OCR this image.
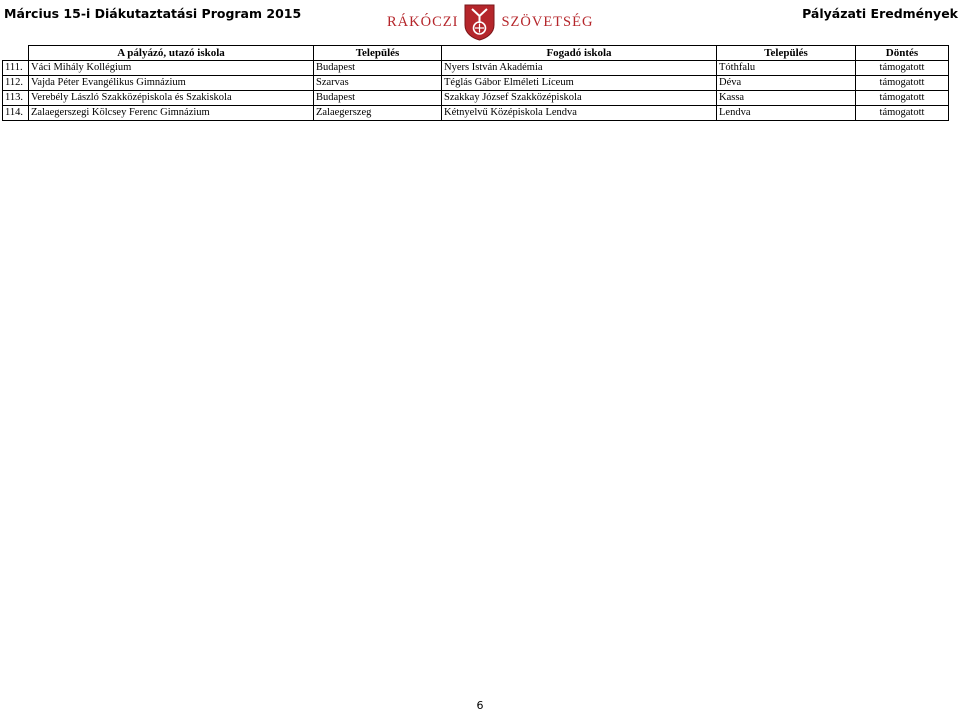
Március 15-i Diákutaztatási Program 2015	RÁKÓCZI	SZÖVETSÉG	Pályázati Eredmények
	A pályázó, utazó iskola	Település	Fogadó iskola	Település	Döntés
111.	Váci Mihály Kollégium	Budapest	Nyers István Akadémia	Tóthfalu	támogatott
112.	Vajda Péter Evangélikus Gimnázium	Szarvas	Téglás Gábor Elméleti Líceum	Déva	támogatott
113.	Verebély László Szakközépiskola és Szakiskola	Budapest	Szakkay József Szakközépiskola	Kassa	támogatott
114.	Zalaegerszegi Kölcsey Ferenc Gimnázium	Zalaegerszeg	Kétnyelvű Középiskola Lendva	Lendva	támogatott
6
